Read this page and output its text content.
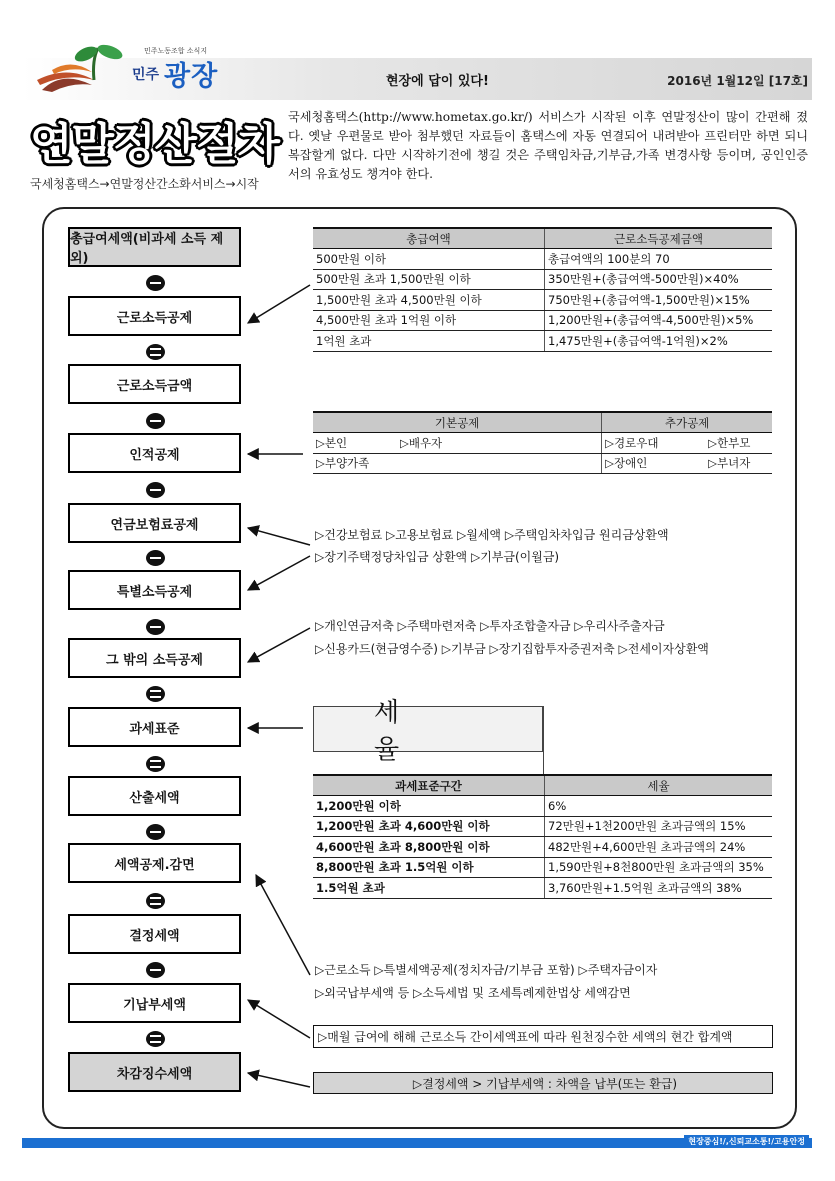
민주노동조합 소식지
민주 광장	현장에 답이 있다!	2016년 1월12일 [17호]
연말정산절차
국세청홈택스→연말정산간소화서비스→시작
국세청홈택스(http://www.hometax.go.kr/) 서비스가 시작된 이후 연말정산이 많이 간편해 졌다. 옛날 우편물로 받아 첨부했던 자료들이 홈택스에 자동 연결되어 내려받아 프린터만 하면 되니 복잡할게 없다. 다만 시작하기전에 챙길 것은 주택임차금,기부금,가족 변경사항 등이며, 공인인증서의 유효성도 챙겨야 한다.
총급여세액(비과세 소득 제외)
근로소득공제
근로소득금액
인적공제
연금보험료공제
특별소득공제
그 밖의 소득공제
과세표준
산출세액
세액공제.감면
결정세액
기납부세액
차감징수세액
총급여액	근로소득공제금액
500만원 이하	총급여액의 100분의 70
500만원 초과 1,500만원 이하	350만원+(총급여액-500만원)×40%
1,500만원 초과 4,500만원 이하	750만원+(총급여액-1,500만원)×15%
4,500만원 초과 1억원 이하	1,200만원+(총급여액-4,500만원)×5%
1억원 초과	1,475만원+(총급여액-1억원)×2%
기본공제		추가공제	
▷본인	▷배우자	▷경로우대	▷한부모
▷부양가족		▷장애인	▷부녀자
▷건강보험료 ▷고용보험료 ▷월세액 ▷주택임차차입금 원리금상환액
▷장기주택정당차입금 상환액 ▷기부금(이월금)
▷개인연금저축 ▷주택마련저축 ▷투자조합출자금 ▷우리사주출자금
▷신용카드(현금영수증) ▷기부금 ▷장기집합투자증권저축 ▷전세이자상환액
세 율
과세표준구간	세율
1,200만원 이하	6%
1,200만원 초과 4,600만원 이하	72만원+1천200만원 초과금액의 15%
4,600만원 초과 8,800만원 이하	482만원+4,600만원 초과금액의 24%
8,800만원 초과 1.5억원 이하	1,590만원+8천800만원 초과금액의 35%
1.5억원 초과	3,760만원+1.5억원 초과금액의 38%
▷근로소득 ▷특별세액공제(정치자금/기부금 포함) ▷주택자금이자
▷외국납부세액 등 ▷소득세법 및 조세특례제한법상 세액감면
▷매월 급여에 해해 근로소득 간이세액표에 따라 원천징수한 세액의 현간 합계액
▷결정세액 > 기납부세액 : 차액을 납부(또는 환급)
현장중심!/,신뢰교소통!/고용안정
